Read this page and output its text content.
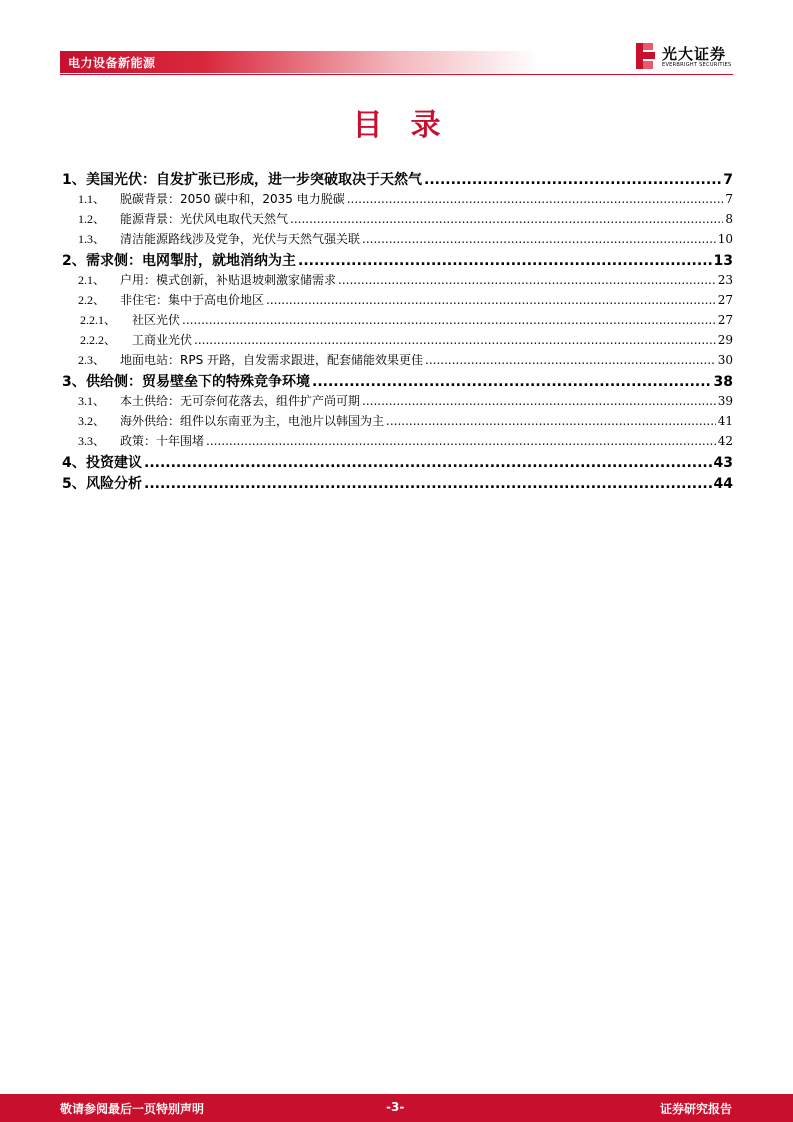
电力设备新能源	光大证券
EVERBRIGHT SECURITIES
目录
1、 美国光伏：自发扩张已形成，进一步突破取决于天然气 .....	7
1.1、	脱碳背景：2050 碳中和，2035 电力脱碳 .....	7
1.2、	能源背景：光伏风电取代天然气 .....	8
1.3、	清洁能源路线涉及党争，光伏与天然气强关联 .....	10
2、 需求侧：电网掣肘，就地消纳为主 .....	13
2.1、	户用：模式创新，补贴退坡刺激家储需求 .....	23
2.2、	非住宅：集中于高电价地区 .....	27
2.2.1、	社区光伏 .....	27
2.2.2、	工商业光伏 .....	29
2.3、	地面电站：RPS 开路，自发需求跟进，配套储能效果更佳 .....	30
3、 供给侧：贸易壁垒下的特殊竞争环境 .....	38
3.1、	本土供给：无可奈何花落去，组件扩产尚可期 .....	39
3.2、	海外供给：组件以东南亚为主，电池片以韩国为主 .....	41
3.3、	政策：十年围堵 .....	42
4、 投资建议 .....	43
5、 风险分析 .....	44
敬请参阅最后一页特别声明	-3-	证券研究报告
